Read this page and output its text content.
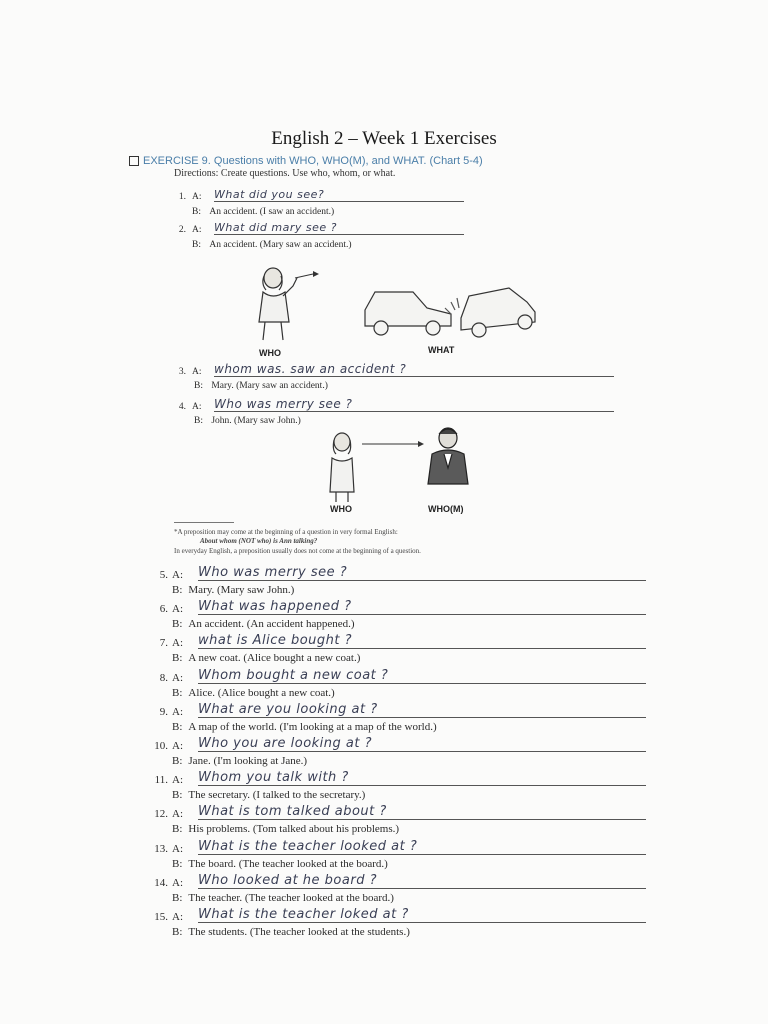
English 2 – Week 1 Exercises
EXERCISE 9. Questions with WHO, WHO(M), and WHAT. (Chart 5-4)
Directions: Create questions. Use who, whom, or what.
1. A:	What did you see?
B: An accident. (I saw an accident.)
2. A:	What did mary see ?
B: An accident. (Mary saw an accident.)
WHO	WHAT
3. A:	whom was. saw an accident ?
B: Mary. (Mary saw an accident.)
4. A:	Who was merry see ?
B: John. (Mary saw John.)
WHO	WHO(M)
*A preposition may come at the beginning of a question in very formal English:
About whom (NOT who) is Ann talking?
In everyday English, a preposition usually does not come at the beginning of a question.
5. A:	Who was merry see ?
B: Mary. (Mary saw John.)
6. A:	What was happened ?
B: An accident. (An accident happened.)
7. A:	what is Alice bought ?
B: A new coat. (Alice bought a new coat.)
8. A:	Whom bought a new coat ?
B: Alice. (Alice bought a new coat.)
9. A:	What are you looking at ?
B: A map of the world. (I'm looking at a map of the world.)
10. A:	Who you are looking at ?
B: Jane. (I'm looking at Jane.)
11. A:	Whom you talk with ?
B: The secretary. (I talked to the secretary.)
12. A:	What is tom talked about ?
B: His problems. (Tom talked about his problems.)
13. A:	What is the teacher looked at ?
B: The board. (The teacher looked at the board.)
14. A:	Who looked at he board ?
B: The teacher. (The teacher looked at the board.)
15. A:	What is the teacher loked at ?
B: The students. (The teacher looked at the students.)
